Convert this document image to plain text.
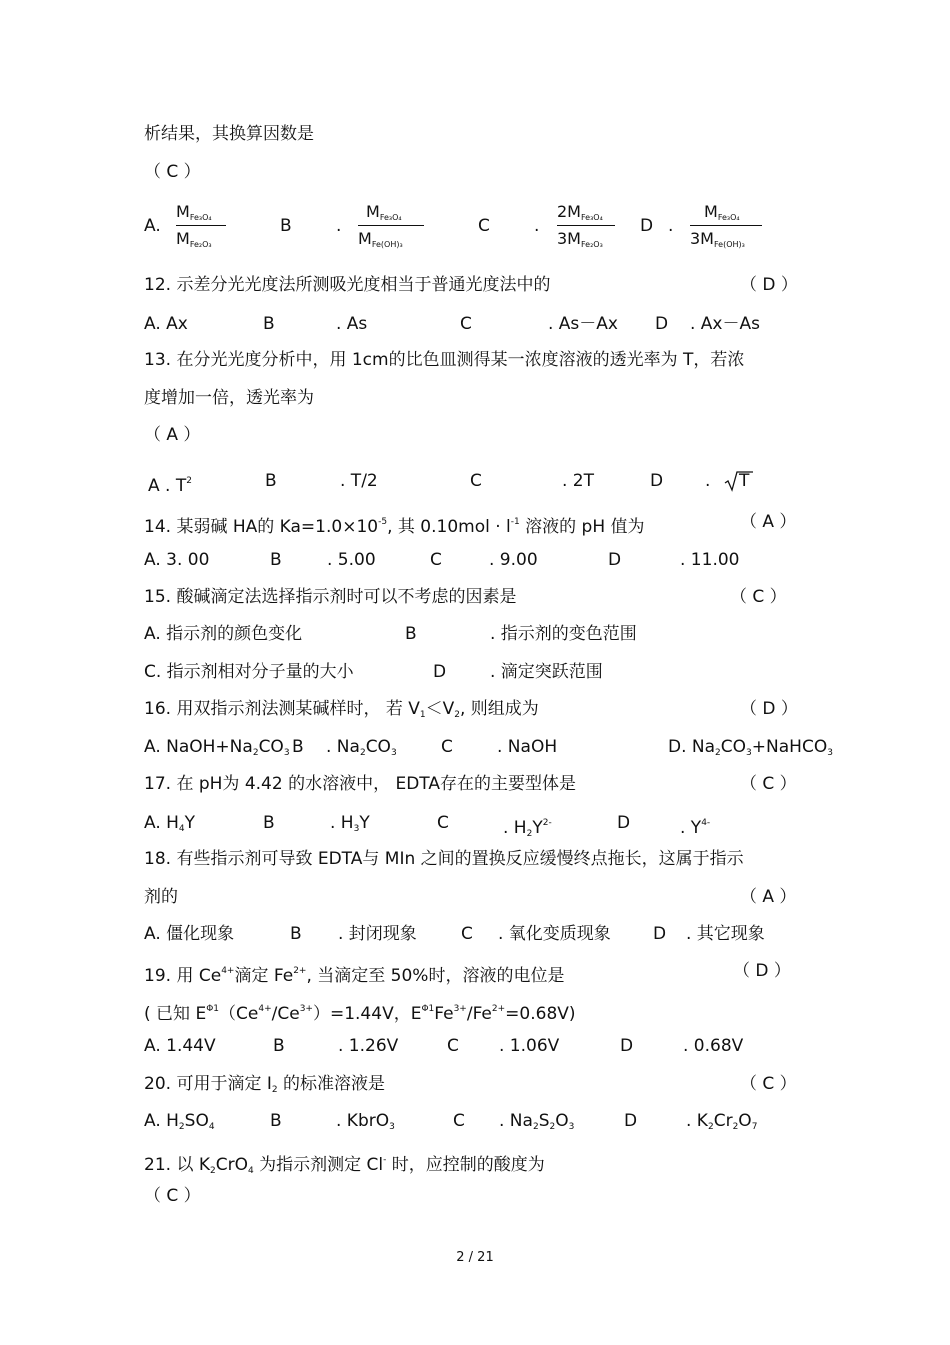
析结果，其换算因数是
（ C ）
A.
MFe₃O₄
MFe₂O₃
B	.
MFe₃O₄
MFe(OH)₃
C	.
2MFe₃O₄
3MFe₂O₃
D .
MFe₃O₄
3MFe(OH)₃
12. 示差分光光度法所测吸光度相当于普通光度法中的	（ D ）
A. Ax	B	. As	C	. As－Ax D . Ax－As
13. 在分光光度分析中，用 1cm的比色皿测得某一浓度溶液的透光率为 T，若浓
度增加一倍，透光率为
（ A ）
A . $T^2$	B	. T/2	C	. 2T	D .	T
14. 某弱碱 HA的 $Ka=1.0\times 10^{-5}$, 其 $0.10mol \cdot l^{-1}$ 溶液的 pH 值为	（ A ）
A. 3. 00	B	. 5.00	C	. 9.00	D	. 11.00
15. 酸碱滴定法选择指示剂时可以不考虑的因素是	（ C ）
A. 指示剂的颜色变化	B	. 指示剂的变色范围
C. 指示剂相对分子量的大小	D	. 滴定突跃范围
16. 用双指示剂法测某碱样时， 若 $V_1<V_2$, 则组成为	（ D ）
A. $NaOH+Na_2CO_3$ B . $Na_2CO_3$	C	. NaOH	D. $Na_2CO_3+NaHCO_3$
17. 在 pH为 4.42 的水溶液中， EDTA存在的主要型体是	（ C ）
A. $H_4Y$	B	. $H_3Y$	C	. $H_2Y^{2-}$	D	. $Y^{4-}$
18. 有些指示剂可导致 EDTA与 MIn 之间的置换反应缓慢终点拖长，这属于指示
剂的	（ A ）
A. 僵化现象	B . 封闭现象	C . 氧化变质现象 D . 其它现象
19. 用 $Ce^{4+}$滴定 $Fe^{2+}$, 当滴定至 50%时，溶液的电位是	（ D ）
( 已知 $E^{\Phi 1}(Ce^{4+}/Ce^{3+})=1.44V$，$E^{\Phi 1}Fe^{3+}/Fe^{2+}=0.68V$)
A. 1.44V	B	. 1.26V	C . 1.06V	D	. 0.68V
20. 可用于滴定 $I_2$ 的标准溶液是	（ C ）
A. $H_2SO_4$	B	. KbrO$_3$	C . $Na_2S_2O_3$	D	. $K_2Cr_2O_7$
21. 以 $K_2CrO_4$ 为指示剂测定 Cl- 时，应控制的酸度为
（ C ）
2 / 21
